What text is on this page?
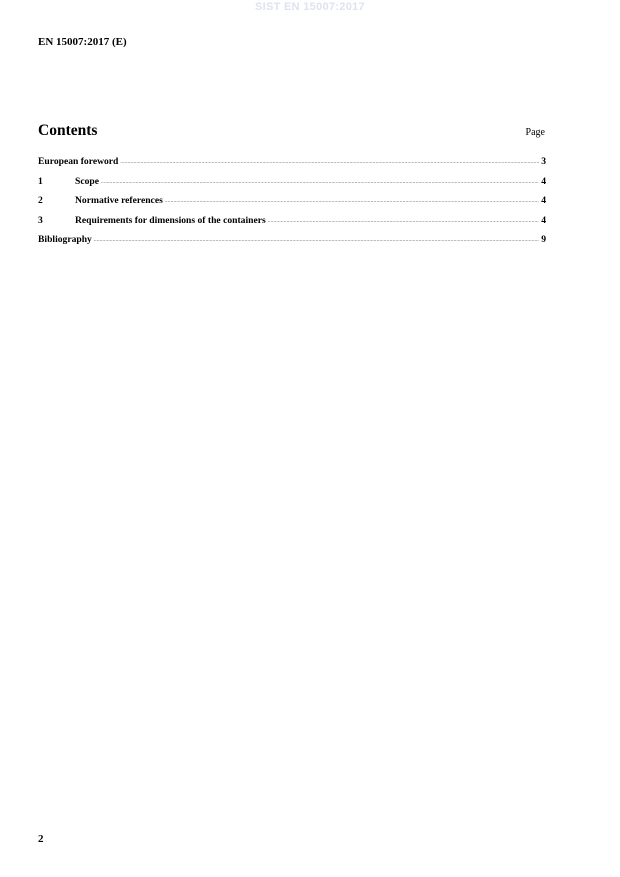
SIST EN 15007:2017
EN 15007:2017 (E)
Contents	Page
European foreword .....	3
1	Scope .....	4
2	Normative references .....	4
3	Requirements for dimensions of the containers .....	4
Bibliography .....	9
2
